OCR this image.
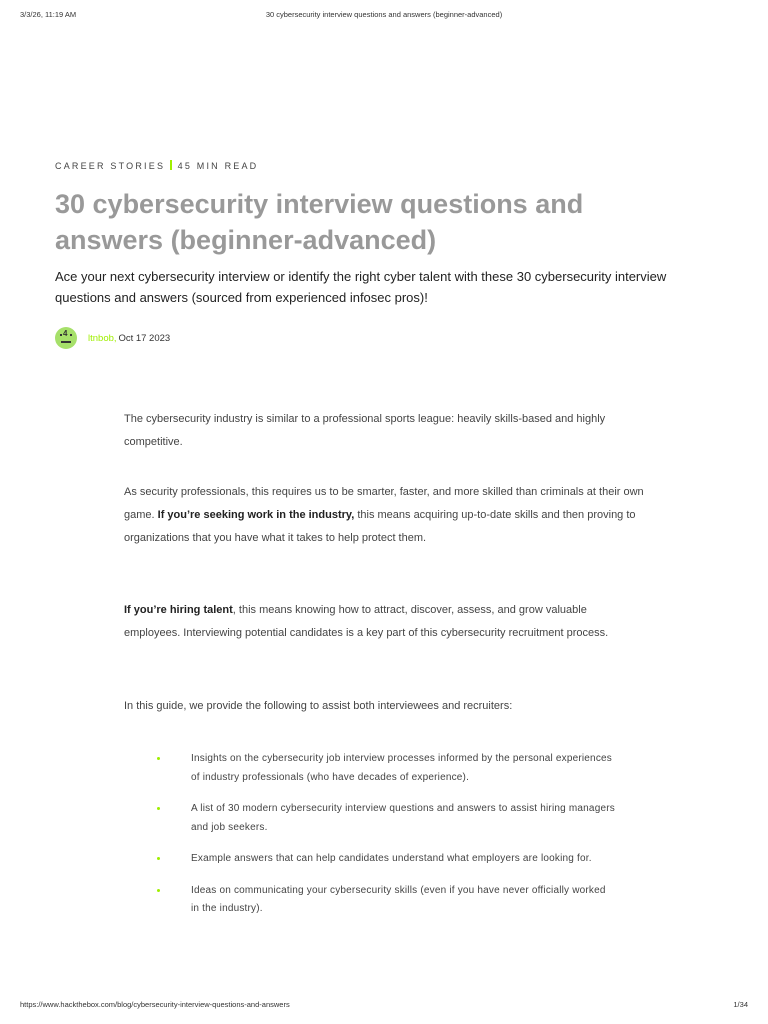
3/3/26, 11:19 AM	30 cybersecurity interview questions and answers (beginner-advanced)
CAREER STORIES 45 MIN READ
30 cybersecurity interview questions and answers (beginner-advanced)

Ace your next cybersecurity interview or identify the right cyber talent with these 30 cybersecurity interview questions and answers (sourced from experienced infosec pros)!

4 ltnbob,
  Oct 17 2023

The cybersecurity industry is similar to a professional sports league: heavily skills-based and highly competitive.

As security professionals, this requires us to be smarter, faster, and more skilled than criminals at their own game. If you’re seeking work in the industry, this means acquiring up-to-date skills and then proving to organizations that you have what it takes to help protect them.

If you’re hiring talent, this means knowing how to attract, discover, assess, and grow valuable employees. Interviewing potential candidates is a key part of this cybersecurity recruitment process.

In this guide, we provide the following to assist both interviewees and recruiters:

Insights on the cybersecurity job interview processes informed by the personal experiences of industry professionals (who have decades of experience).
A list of 30 modern cybersecurity interview questions and answers to assist hiring managers and job seekers.
Example answers that can help candidates understand what employers are looking for.
Ideas on communicating your cybersecurity skills (even if you have never officially worked in the industry).
https://www.hackthebox.com/blog/cybersecurity-interview-questions-and-answers	1/34
